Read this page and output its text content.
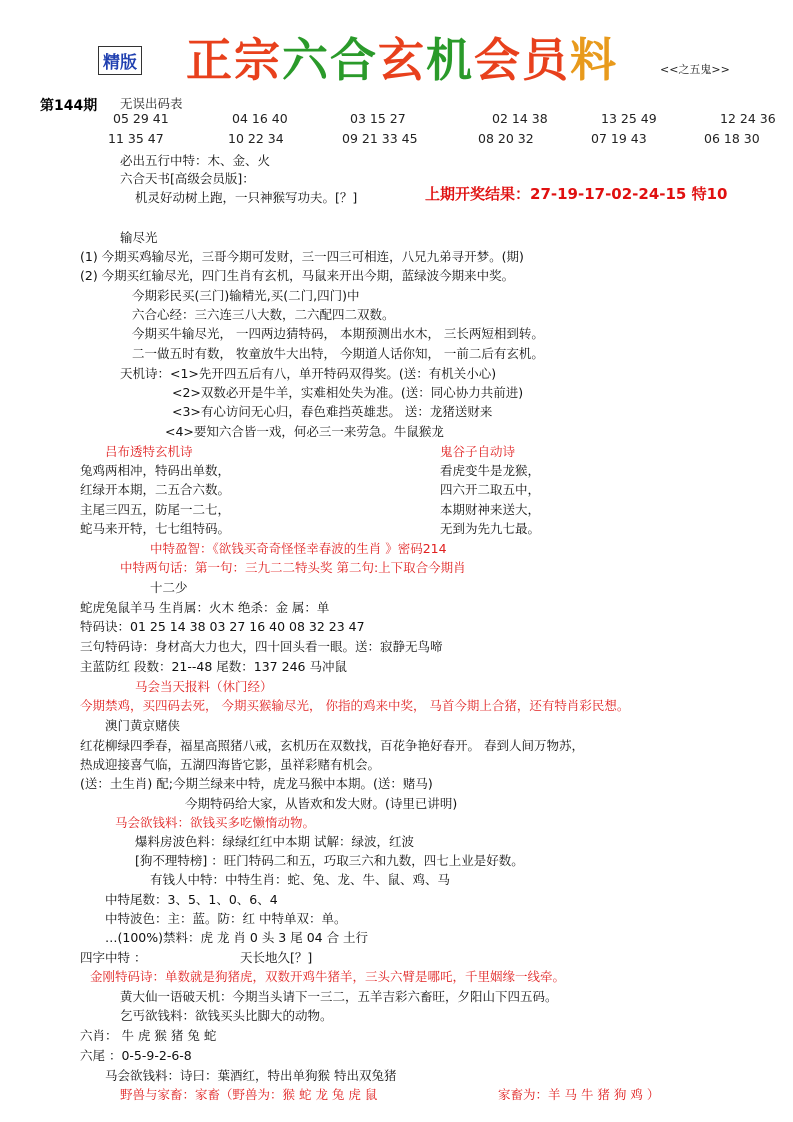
精版 正宗六合玄机会员料	<<之五鬼>>
第144期 无误出码表
05 29 41	04 16 40	03 15 27	02 14 38	13 25 49	12 24 36
11 35 47	10 22 34	09 21 33 45	08 20 32	07 19 43	06 18 30
上期开奖结果：27-19-17-02-24-15 特10
必出五行中特：木、金、火
六合天书[高级会员版]：
机灵好动树上跑，一只神猴写功夫。[？]
输尽光
(1) 今期买鸡输尽光，三哥今期可发财，三一四三可相连，八兄九弟寻开梦。(期)
(2) 今期买红输尽光，四门生肖有玄机，马鼠来开出今期，蓝绿波今期来中奖。
今期彩民买(三门)输精光,买(二门,四门)中
六合心经：三六连三八大数，二六配四二双数。
今期买牛输尽光， 一四两边猜特码， 本期预测出水木， 三长两短相到转。
二一做五时有数， 牧童放牛大出特， 今期道人话你知， 一前二后有玄机。
天机诗：<1>先开四五后有八，单开特码双得奖。(送：有机关小心)
<2>双数必开是牛羊，实难相处失为准。(送：同心协力共前进)
<3>有心访问无心归，春色难挡英雄悲。 送：龙猪送财来
<4>要知六合皆一戏，何必三一来劳急。牛鼠猴龙
吕布透特玄机诗	鬼谷子自动诗
兔鸡两相冲，特码出单数，	看虎变牛是龙猴，
红绿开本期，二五合六数。	四六开二取五中，
主尾三四五，防尾一二七，	本期财神来送大，
蛇马来开特，七七组特码。	无到为先九七最。
中特盈智：《欲钱买奇奇怪怪幸春波的生肖 》密码214
中特两句话：第一句：三九二二特头奖 第二句:上下取合今期肖
十二少
蛇虎兔鼠羊马 生肖属：火木 绝杀：金 属：单
特码诀：01 25 14 38 03 27 16 40 08 32 23 47
三句特码诗：身材高大力也大，四十回头看一眼。送：寂静无鸟啼
主蓝防红 段数：21--48 尾数：137 246 马冲鼠
马会当天报料（休门经）
今期禁鸡，买四码去死， 今期买猴输尽光， 你指的鸡来中奖， 马首今期上合猪，还有特肖彩民想。
澳门黄京赌侠
红花柳绿四季春，福星高照猪八戒，玄机历在双数找，百花争艳好春开。 春到人间万物苏，
热成迎接喜气临，五湖四海皆它影，虽祥彩赌有机会。
(送：土生肖) 配;今期兰绿来中特，虎龙马猴中本期。(送：赌马)
今期特码给大家，从皆欢和发大财。(诗里已讲明)
马会欲钱料：欲钱买多吃懒惰动物。
爆料房波色料：绿绿红红中本期 试解：绿波，红波
[狗不理特榜] ：旺门特码二和五，巧取三六和九数，四七上业是好数。
有钱人中特：中特生肖：蛇、兔、龙、牛、鼠、鸡、马
中特尾数：3、5、1、0、6、4
中特波色：主：蓝。防：红 中特单双：单。
…(100%)禁料：虎 龙 肖 0 头 3 尾 04 合 土行
四字中特 ：	天长地久[？]
金刚特码诗：单数就是狗猪虎，双数开鸡牛猪羊，三头六臂是哪吒，千里姻缘一线牵。
黄大仙一语破天机：今期当头请下一三二，五羊吉彩六畜旺，夕阳山下四五码。
乞丐欲钱料：欲钱买头比脚大的动物。
六肖： 牛 虎 猴 猪 兔 蛇
六尾 ：0-5-9-2-6-8
马会欲钱料：诗曰：葉酒红，特出单狗猴 特出双兔猪
野兽与家畜：家畜（野兽为：猴 蛇 龙 兔 虎 鼠	家畜为：羊 马 牛 猪 狗 鸡 ）
